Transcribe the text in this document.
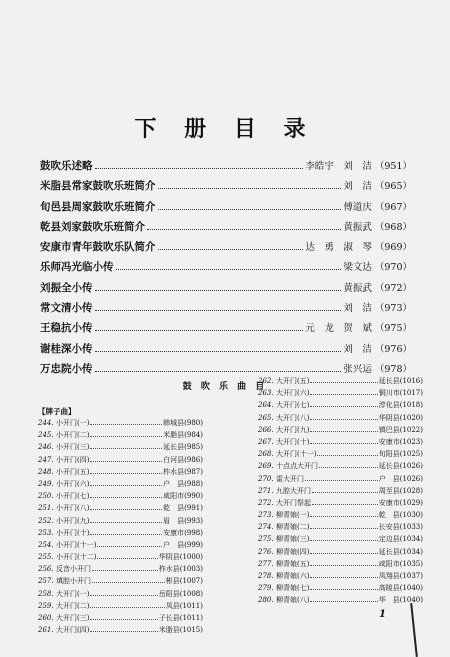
下 册 目 录
鼓吹乐述略	李皓宇　刘　洁 （951）
米脂县常家鼓吹乐班简介	刘　洁 （965）
旬邑县周家鼓吹乐班简介	傅道庆 （967）
乾县刘家鼓吹乐班简介	黄振武 （968）
安康市青年鼓吹乐队简介	达　勇　淑　琴 （969）
乐师冯光临小传	梁文达 （970）
刘振全小传	黄振武 （972）
常文清小传	刘　洁 （973）
王稳抗小传	元　龙　贺　斌 （975）
谢桂深小传	刘　洁 （976）
万忠院小传	张兴运 （978）
鼓 吹 乐 曲 目
【牌子曲】
244. 小开门(一)	韩城县(980)
245. 小开门(二)	米脂县(984)
246. 小开门(三)	延长县(985)
247. 小开门(四)	白河县(986)
248. 小开门(五)	柞水县(987)
249. 小开门(六)	户　县(988)
250. 小开门(七)	咸阳市(990)
251. 小开门(八)	乾　县(991)
252. 小开门(九)	眉　县(993)
253. 小开门(十)	安康市(998)
254. 小开门(十一)	户　县(999)
255. 小开门(十二)	华阴县(1000)
256. 反音小开门	柞水县(1003)
257. 填腔小开门	彬县(1007)
258. 大开门(一)	岳阳县(1008)
259. 大开门(二)	凤县(1011)
260. 大开门(三)	子长县(1011)
261. 大开门(四)	米脂县(1015)
262. 大开门(五)	延长县(1016)
263. 大开门(六)	铜川市(1017)
264. 大开门(七)	淳化县(1018)
265. 大开门(八)	华阴县(1020)
266. 大开门(九)	镇巴县(1022)
267. 大开门(十)	安康市(1023)
268. 大开门(十一)	旬阳县(1025)
269. 十点点大开门	延长县(1026)
270. 雷大开门	户　县(1026)
271. 九腔大开门	周至县(1028)
272. 大开门祭起	安康市(1029)
273. 柳青娘(一)	乾　县(1030)
274. 柳青娘(二)	长安县(1033)
275. 柳青娘(三)	定边县(1034)
276. 柳青娘(四)	延长县(1034)
277. 柳青娘(五)	咸阳市(1035)
278. 柳青娘(六)	凤翔县(1037)
279. 柳青娘(七)	高陵县(1040)
280. 柳青娘(八)	华　县(1040)
1
